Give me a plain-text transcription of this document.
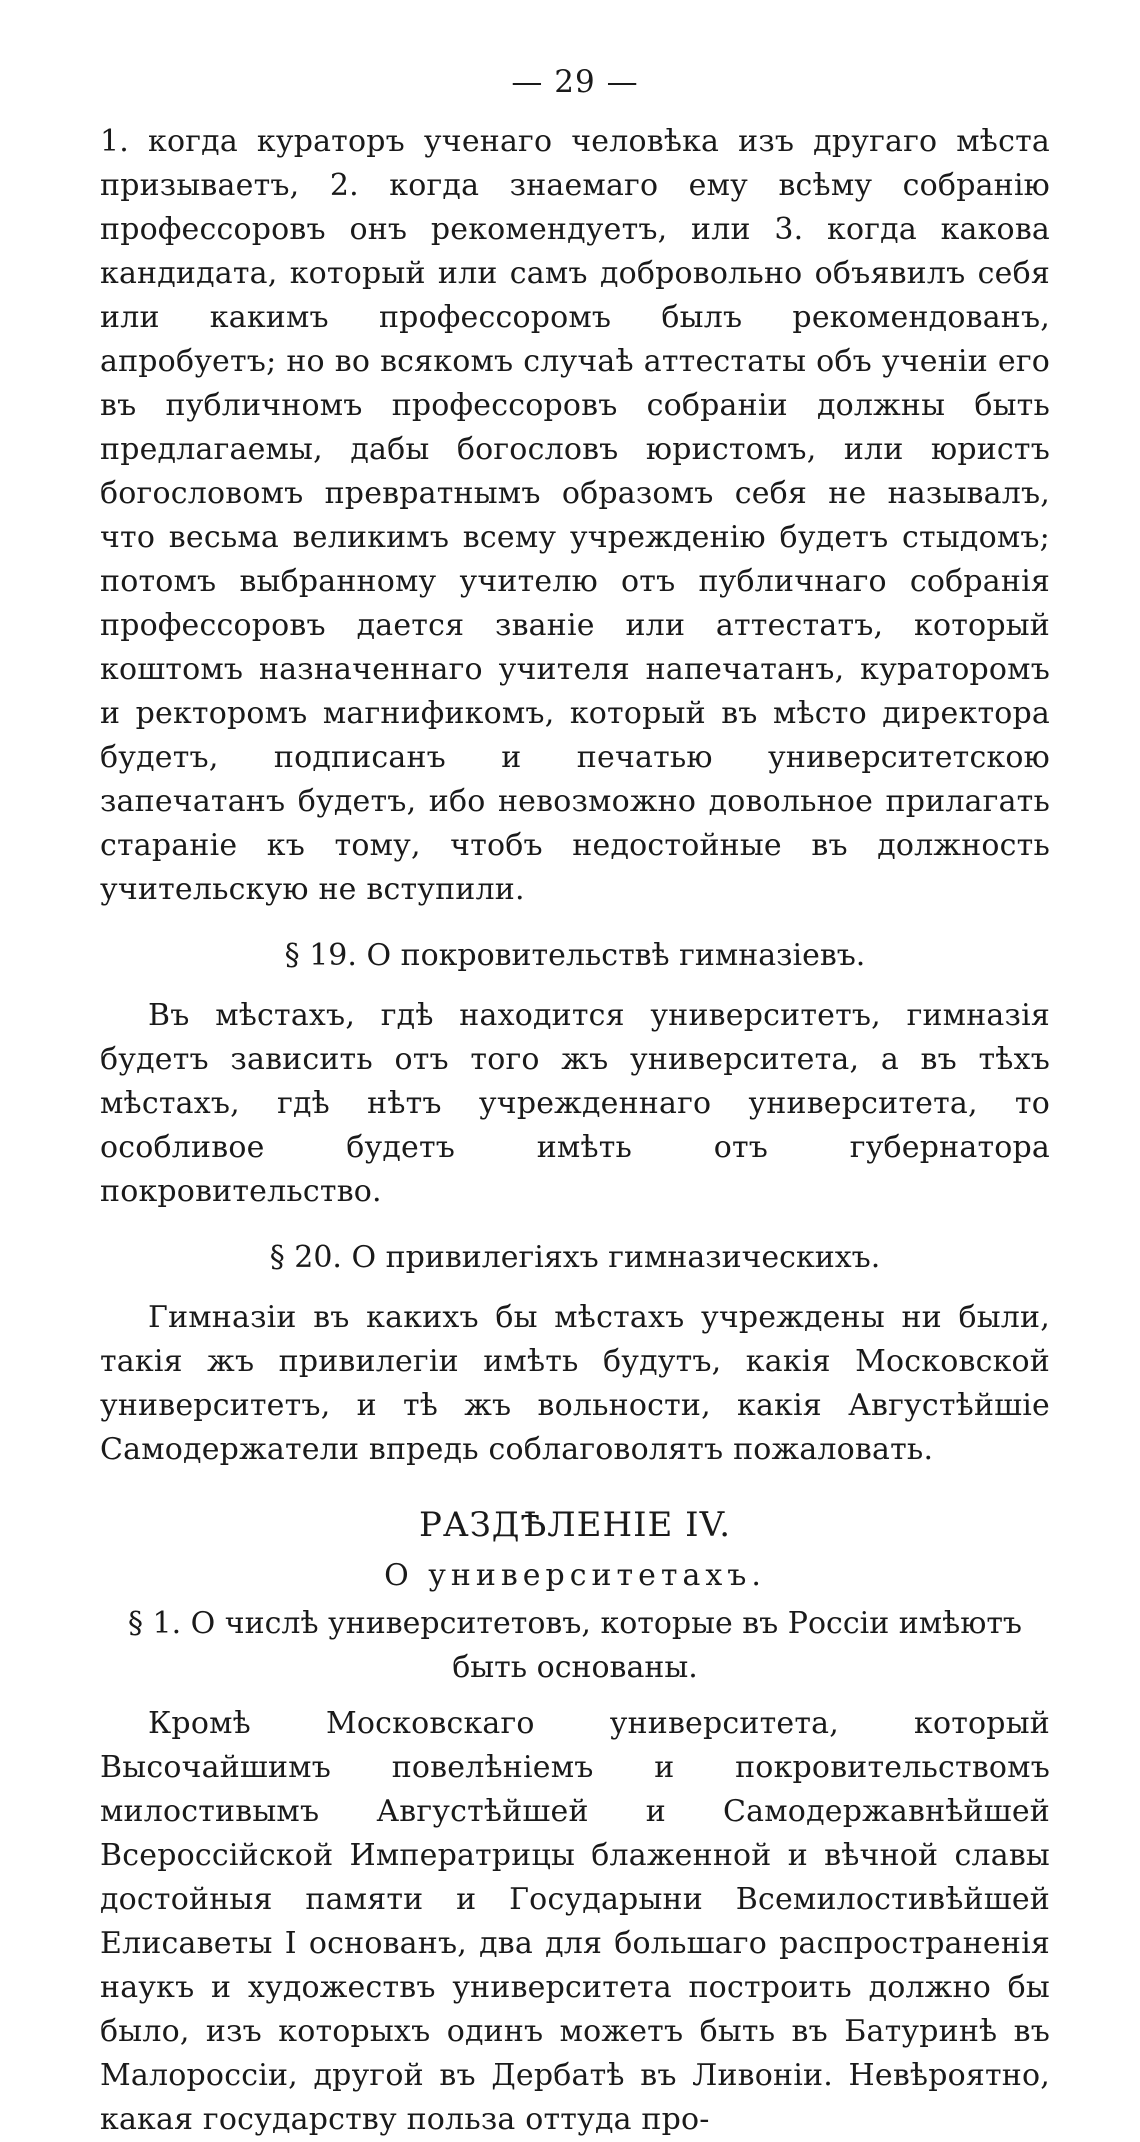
— 29 —

1. когда кураторъ ученаго человѣка изъ другаго мѣста призываетъ, 2. когда знаемаго ему всѣму собранію профессоровъ онъ рекомендуетъ, или 3. когда какова кандидата, который или самъ добровольно объявилъ себя или какимъ профессоромъ былъ рекомендованъ, апробуетъ; но во всякомъ случаѣ аттестаты объ ученіи его въ публичномъ профессоровъ собраніи должны быть предлагаемы, дабы богословъ юристомъ, или юристъ богословомъ превратнымъ образомъ себя не называлъ, что весьма великимъ всему учрежденію будетъ стыдомъ; потомъ выбранному учителю отъ публичнаго собранія профессоровъ дается званіе или аттестатъ, который коштомъ назначеннаго учителя напечатанъ, кураторомъ и ректоромъ магнификомъ, который въ мѣсто директора будетъ, подписанъ и печатью университетскою запечатанъ будетъ, ибо невозможно довольное прилагать стараніе къ тому, чтобъ недостойные въ должность учительскую не вступили.

§ 19. О покровительствѣ гимназіевъ.

Въ мѣстахъ, гдѣ находится университетъ, гимназія будетъ зависить отъ того жъ университета, а въ тѣхъ мѣстахъ, гдѣ нѣтъ учрежденнаго университета, то особливое будетъ имѣть отъ губернатора покровительство.

§ 20. О привилегіяхъ гимназическихъ.

Гимназіи въ какихъ бы мѣстахъ учреждены ни были, такія жъ привилегіи имѣть будутъ, какія Московской университетъ, и тѣ жъ вольности, какія Августѣйшіе Самодержатели впредь соблаговолятъ пожаловать.

РАЗДѢЛЕНІЕ IV.
О университетахъ.
§ 1. О числѣ университетовъ, которые въ Россіи имѣютъ быть основаны.

Кромѣ Московскаго университета, который Высочайшимъ повелѣніемъ и покровительствомъ милостивымъ Августѣйшей и Самодержавнѣйшей Всероссійской Императрицы блаженной и вѣчной славы достойныя памяти и Государыни Всемилостивѣйшей Елисаветы I основанъ, два для большаго распространенія наукъ и художествъ университета построить должно бы было, изъ которыхъ одинъ можетъ быть въ Батуринѣ въ Малороссіи, другой въ Дербатѣ въ Ливоніи. Невѣроятно, какая государству польза оттуда про-
